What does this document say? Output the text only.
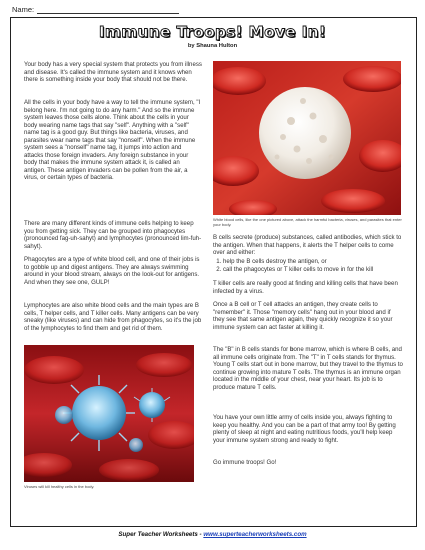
Name:
Immune Troops! Move In!
by Shauna Hulton
Your body has a very special system that protects you from illness and disease. It's called the immune system and it knows when there is something inside your body that should not be there.
All the cells in your body have a way to tell the immune system, "I belong here. I'm not going to do any harm." And so the immune system leaves those cells alone. Think about the cells in your body wearing name tags that say "self". Anything with a "self" name tag is a good guy. But things like bacteria, viruses, and parasites wear name tags that say "nonself". When the immune system sees a "nonself" name tag, it jumps into action and attacks those foreign invaders. Any foreign substance in your body that makes the immune system attack it, is called an antigen. These antigen invaders can be pollen from the air, a virus, or certain types of bacteria.
There are many different kinds of immune cells helping to keep you from getting sick. They can be grouped into phagocytes (pronounced fag-uh-sahyt) and lymphocytes (pronounced lim-fuh-sahyt).
Phagocytes are a type of white blood cell, and one of their jobs is to gobble up and digest antigens. They are always swimming around in your blood stream, always on the look-out for antigens. And when they see one, GULP!
Lymphocytes are also white blood cells and the main types are B cells, T helper cells, and T killer cells. Many antigens can be very sneaky (like viruses) and can hide from phagocytes, so it's the job of the lymphocytes to find them and get rid of them.
Viruses will kill healthy cells in the body.
White blood cells, like the one pictured above, attack the harmful bacteria, viruses, and parasites that enter your body.
B cells secrete (produce) substances, called antibodies, which stick to the antigen. When that happens, it alerts the T helper cells to come over and either:
1. help the B cells destroy the antigen, or
2. call the phagocytes or T killer cells to move in for the kill
T killer cells are really good at finding and killing cells that have been infected by a virus.
Once a B cell or T cell attacks an antigen, they create cells to "remember" it. Those "memory cells" hang out in your blood and if they see that same antigen again, they quickly recognize it so your immune system can act faster at killing it.
The "B" in B cells stands for bone marrow, which is where B cells, and all immune cells originate from. The "T" in T cells stands for thymus. Young T cells start out in bone marrow, but they travel to the thymus to continue growing into mature T cells. The thymus is an immune organ located in the middle of your chest, near your heart. Its job is to produce mature T cells.
You have your own little army of cells inside you, always fighting to keep you healthy. And you can be a part of that army too! By getting plenty of sleep at night and eating nutritious foods, you'll help keep your immune system strong and ready to fight.
Go immune troops! Go!
Super Teacher Worksheets - www.superteacherworksheets.com
